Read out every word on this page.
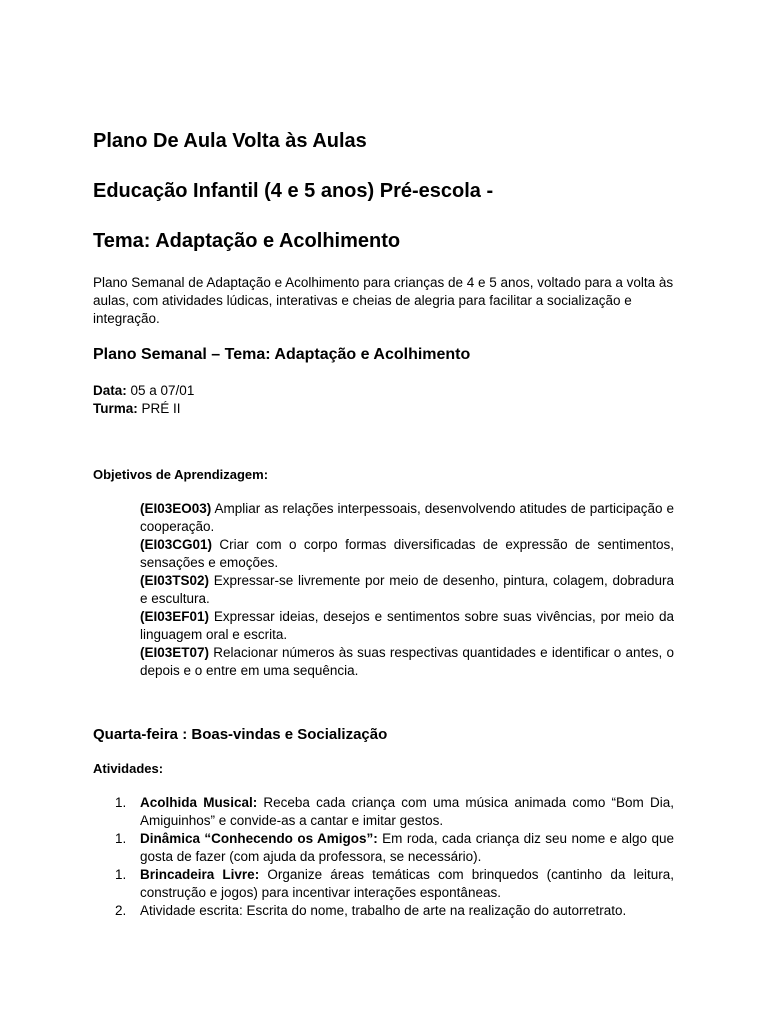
Plano De Aula Volta às Aulas
Educação Infantil (4 e 5 anos) Pré-escola -
Tema: Adaptação e Acolhimento

Plano Semanal de Adaptação e Acolhimento para crianças de 4 e 5 anos, voltado para a volta às aulas, com atividades lúdicas, interativas e cheias de alegria para facilitar a socialização e integração.

Plano Semanal – Tema: Adaptação e Acolhimento
Data: 05 a 07/01
Turma: PRÉ II
Objetivos de Aprendizagem:
(EI03EO03) Ampliar as relações interpessoais, desenvolvendo atitudes de participação e cooperação.
(EI03CG01) Criar com o corpo formas diversificadas de expressão de sentimentos, sensações e emoções.
(EI03TS02) Expressar-se livremente por meio de desenho, pintura, colagem, dobradura e escultura.
(EI03EF01) Expressar ideias, desejos e sentimentos sobre suas vivências, por meio da linguagem oral e escrita.
(EI03ET07) Relacionar números às suas respectivas quantidades e identificar o antes, o depois e o entre em uma sequência.
Quarta-feira : Boas-vindas e Socialização
Atividades:
1. Acolhida Musical: Receba cada criança com uma música animada como “Bom Dia, Amiguinhos” e convide-as a cantar e imitar gestos.
1. Dinâmica “Conhecendo os Amigos”: Em roda, cada criança diz seu nome e algo que gosta de fazer (com ajuda da professora, se necessário).
1. Brincadeira Livre: Organize áreas temáticas com brinquedos (cantinho da leitura, construção e jogos) para incentivar interações espontâneas.
2. Atividade escrita: Escrita do nome, trabalho de arte na realização do autorretrato.
